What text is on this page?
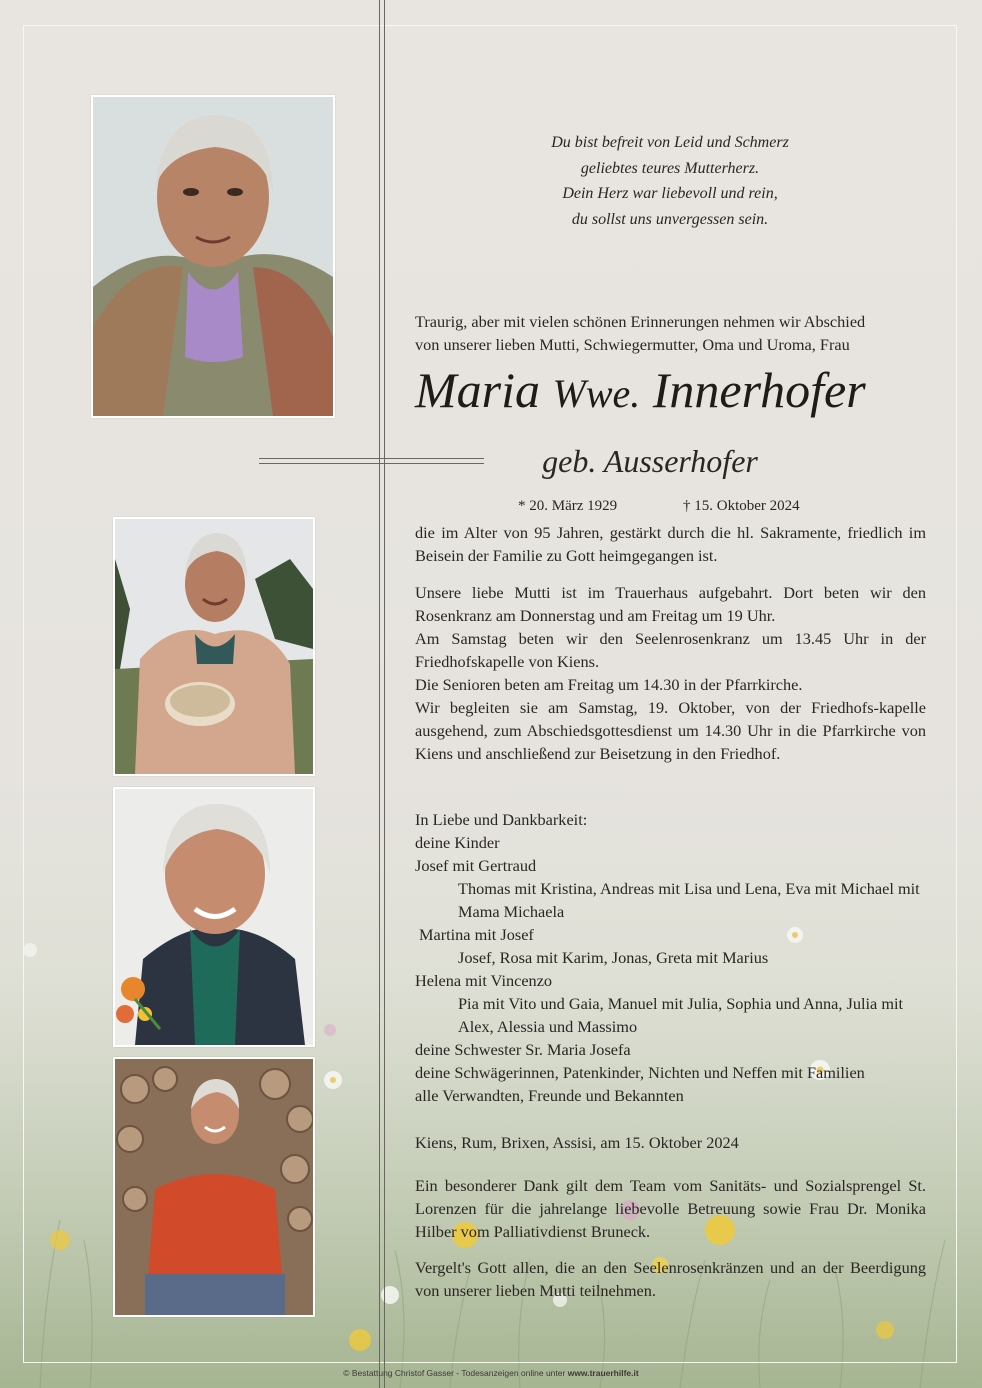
Du bist befreit von Leid und Schmerz
geliebtes teures Mutterherz.
Dein Herz war liebevoll und rein,
du sollst uns unvergessen sein.
Traurig, aber mit vielen schönen Erinnerungen nehmen wir Abschied
von unserer lieben Mutti, Schwiegermutter, Oma und Uroma, Frau
Maria Wwe. Innerhofer
geb. Ausserhofer
* 20. März 1929	† 15. Oktober 2024
die im Alter von 95 Jahren, gestärkt durch die hl. Sakramente, friedlich im Beisein der Familie zu Gott heimgegangen ist.
Unsere liebe Mutti ist im Trauerhaus aufgebahrt. Dort beten wir den Rosenkranz am Donnerstag und am Freitag um 19 Uhr.
Am Samstag beten wir den Seelenrosenkranz um 13.45 Uhr in der Friedhofskapelle von Kiens.
Die Senioren beten am Freitag um 14.30 in der Pfarrkirche.
Wir begleiten sie am Samstag, 19. Oktober, von der Friedhofs-kapelle ausgehend, zum Abschiedsgottesdienst um 14.30 Uhr in die Pfarrkirche von Kiens und anschließend zur Beisetzung in den Friedhof.
In Liebe und Dankbarkeit:
deine Kinder
Josef mit Gertraud
Thomas mit Kristina, Andreas mit Lisa und Lena, Eva mit Michael mit Mama Michaela
Martina mit Josef
Josef, Rosa mit Karim, Jonas, Greta mit Marius
Helena mit Vincenzo
Pia mit Vito und Gaia, Manuel mit Julia, Sophia und Anna, Julia mit Alex, Alessia und Massimo
deine Schwester Sr. Maria Josefa
deine Schwägerinnen, Patenkinder, Nichten und Neffen mit Familien
alle Verwandten, Freunde und Bekannten
Kiens, Rum, Brixen, Assisi, am 15. Oktober 2024
Ein besonderer Dank gilt dem Team vom Sanitäts- und Sozialsprengel St. Lorenzen für die jahrelange liebevolle Betreuung sowie Frau Dr. Monika Hilber vom Palliativdienst Bruneck.
Vergelt's Gott allen, die an den Seelenrosenkränzen und an der Beerdigung von unserer lieben Mutti teilnehmen.
© Bestattung Christof Gasser - Todesanzeigen online unter www.trauerhilfe.it
